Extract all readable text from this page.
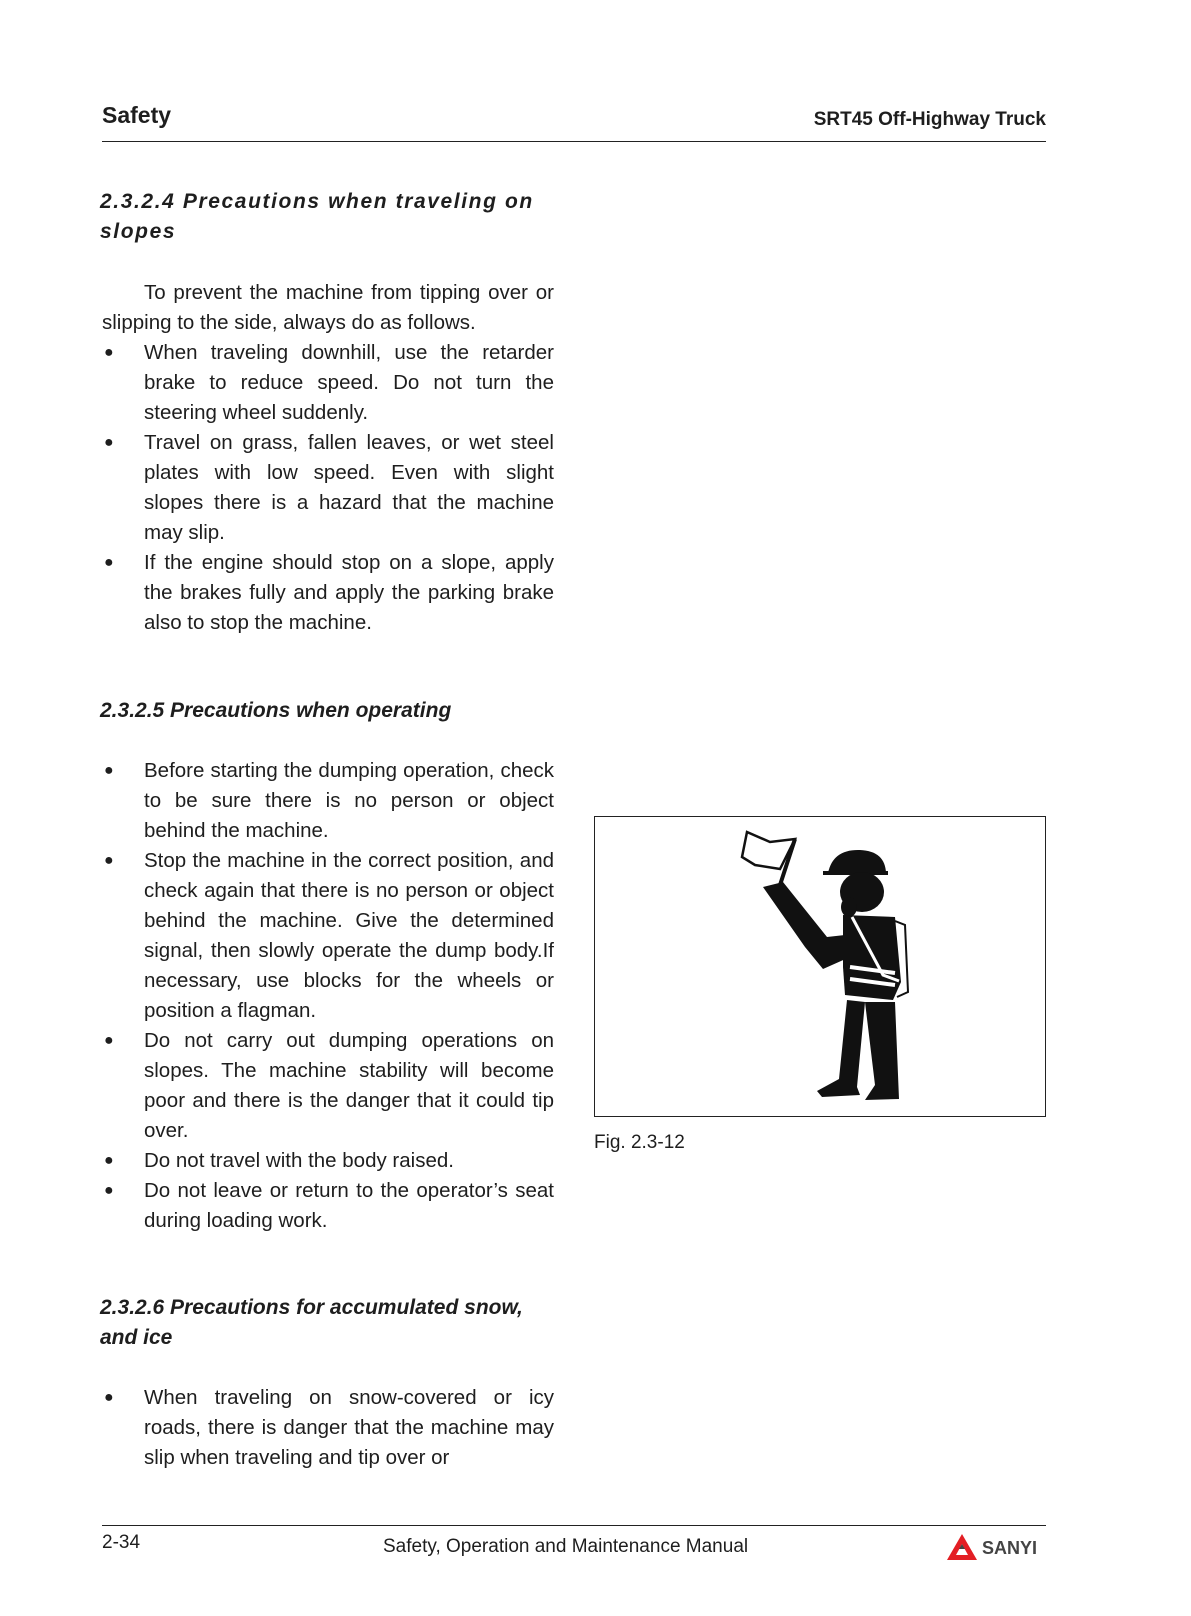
Safety	SRT45 Off-Highway Truck
2.3.2.4 Precautions when traveling on slopes

To prevent the machine from tipping over or slipping to the side, always do as follows.

● When traveling downhill, use the retarder brake to reduce speed. Do not turn the steering wheel suddenly.
● Travel on grass, fallen leaves, or wet steel plates with low speed. Even with slight slopes there is a hazard that the machine may slip.
● If the engine should stop on a slope, apply the brakes fully and apply the parking brake also to stop the machine.
2.3.2.5 Precautions when operating
● Before starting the dumping operation, check to be sure there is no person or object behind the machine.
● Stop the machine in the correct position, and check again that there is no person or object behind the machine. Give the determined signal, then slowly operate the dump body.If necessary, use blocks for the wheels or position a flagman.
● Do not carry out dumping operations on slopes. The machine stability will become poor and there is the danger that it could tip over.
● Do not travel with the body raised.
● Do not leave or return to the operator’s seat during loading work.
2.3.2.6 Precautions for accumulated snow, and ice
● When traveling on snow-covered or icy roads, there is danger that the machine may slip when traveling and tip over or
Fig. 2.3-12
2-34	Safety, Operation and Maintenance Manual	SANYI
